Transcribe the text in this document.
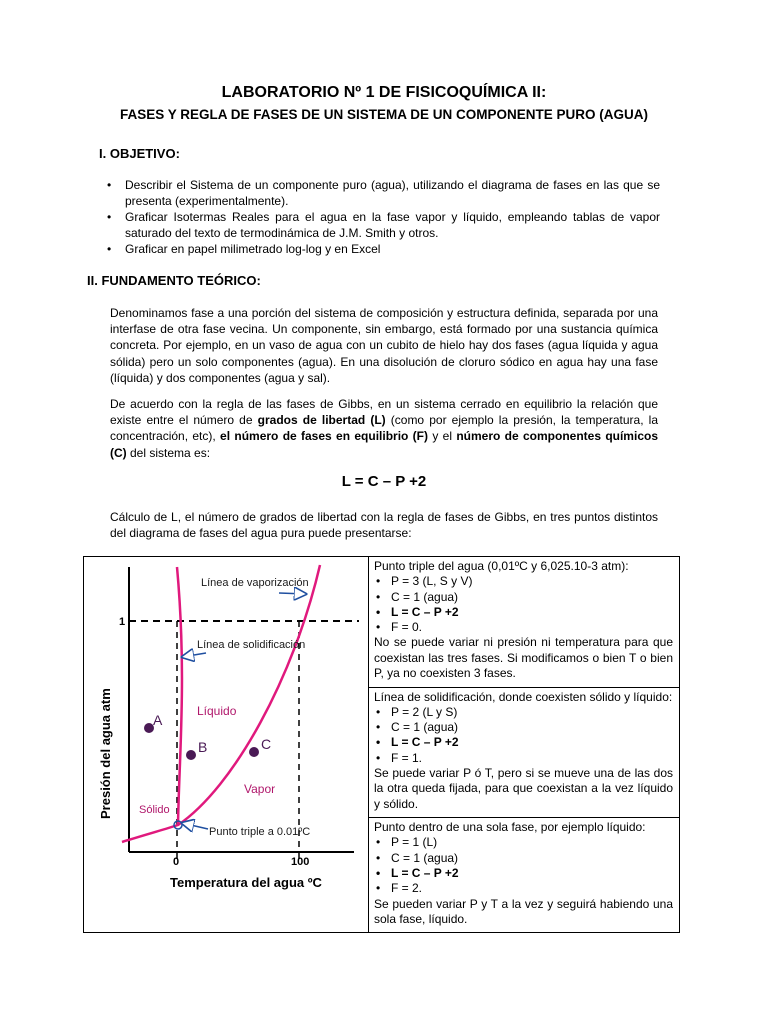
LABORATORIO Nº 1 DE FISICOQUÍMICA II:
FASES Y REGLA DE FASES DE UN SISTEMA DE UN COMPONENTE PURO (AGUA)
I. OBJETIVO:
• Describir el Sistema de un componente puro (agua), utilizando el diagrama de fases en las que se presenta (experimentalmente).
• Graficar Isotermas Reales para el agua en la fase vapor y líquido, empleando tablas de vapor saturado del texto de termodinámica de J.M. Smith y otros.
• Graficar en papel milimetrado log-log y en Excel
II. FUNDAMENTO TEÓRICO:

Denominamos fase a una porción del sistema de composición y estructura definida, separada por una interfase de otra fase vecina. Un componente, sin embargo, está formado por una sustancia química concreta. Por ejemplo, en un vaso de agua con un cubito de hielo hay dos fases (agua líquida y agua sólida) pero un solo componentes (agua). En una disolución de cloruro sódico en agua hay una fase (líquida) y dos componentes (agua y sal).

De acuerdo con la regla de las fases de Gibbs, en un sistema cerrado en equilibrio la relación que existe entre el número de grados de libertad (L) (como por ejemplo la presión, la temperatura, la concentración, etc), el número de fases en equilibrio (F) y el número de componentes químicos (C) del sistema es:

L = C – P +2

Cálculo de L, el número de grados de libertad con la regla de fases de Gibbs, en tres puntos distintos del diagrama de fases del agua pura puede presentarse:

Línea de vaporización
Línea de solidificación
Punto triple a 0.01ºC
Líquido
Sólido
Vapor
A
B	C
1
0	100
Temperatura del agua ºC
Presión del agua atm

Punto triple del agua (0,01ºC y 6,025.10-3 atm):
• P = 3 (L, S y V)
• C = 1 (agua)
• L = C – P +2
• F = 0.
No se puede variar ni presión ni temperatura para que coexistan las tres fases. Si modificamos o bien T o bien P, ya no coexisten 3 fases.

Línea de solidificación, donde coexisten sólido y líquido:
• P = 2 (L y S)
• C = 1 (agua)
• L = C – P +2
• F = 1.
Se puede variar P ó T, pero si se mueve una de las dos la otra queda fijada, para que coexistan a la vez líquido y sólido.

Punto dentro de una sola fase, por ejemplo líquido:
• P = 1 (L)
• C = 1 (agua)
• L = C – P +2
• F = 2.
Se pueden variar P y T a la vez y seguirá habiendo una sola fase, líquido.
